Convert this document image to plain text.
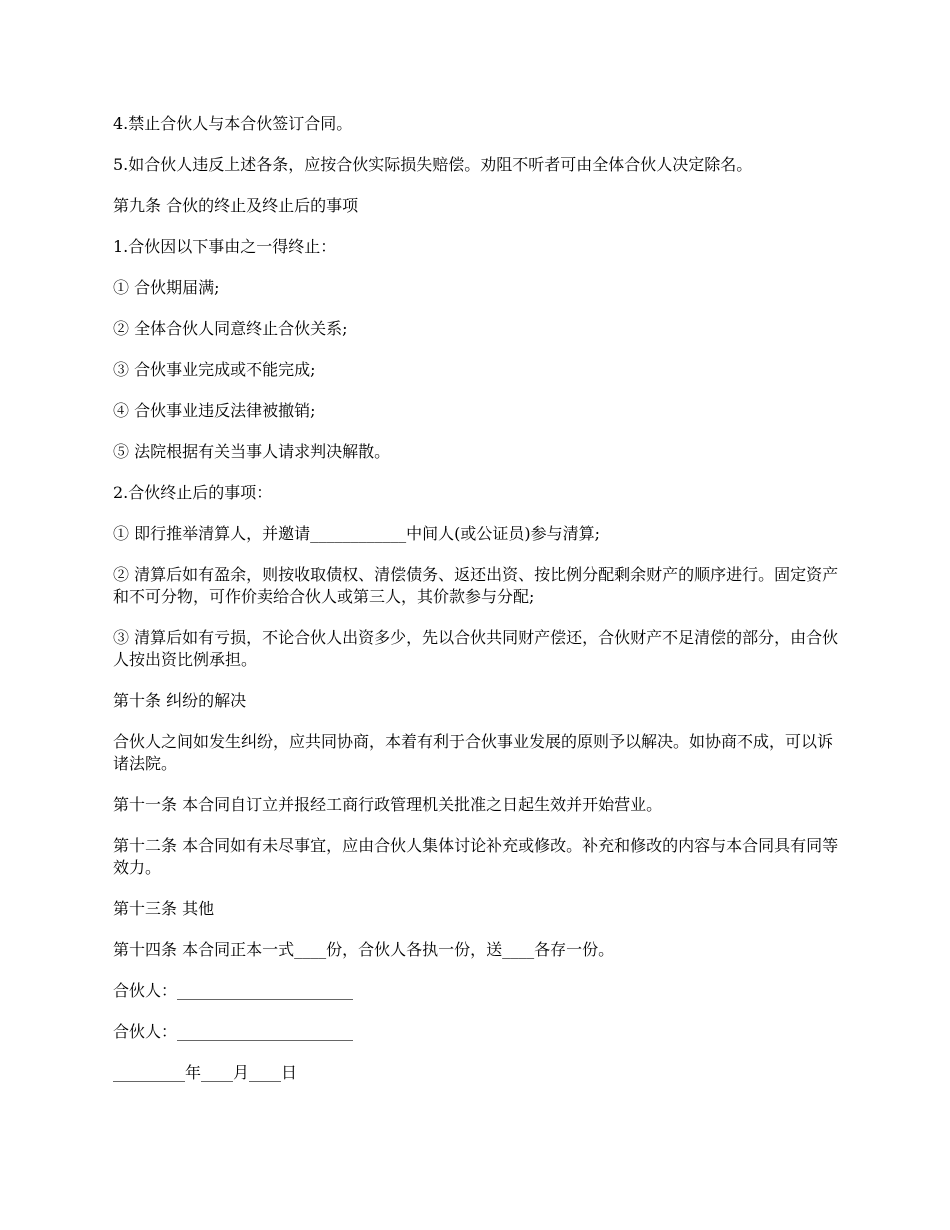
4.禁止合伙人与本合伙签订合同。

5.如合伙人违反上述各条，应按合伙实际损失赔偿。劝阻不听者可由全体合伙人决定除名。

第九条 合伙的终止及终止后的事项

1.合伙因以下事由之一得终止：

① 合伙期届满;

② 全体合伙人同意终止合伙关系;

③ 合伙事业完成或不能完成;

④ 合伙事业违反法律被撤销;

⑤ 法院根据有关当事人请求判决解散。

2.合伙终止后的事项：

① 即行推举清算人，并邀请____________中间人(或公证员)参与清算;

② 清算后如有盈余，则按收取债权、清偿债务、返还出资、按比例分配剩余财产的顺序进行。固定资产和不可分物，可作价卖给合伙人或第三人，其价款参与分配;

③ 清算后如有亏损，不论合伙人出资多少，先以合伙共同财产偿还，合伙财产不足清偿的部分，由合伙人按出资比例承担。

第十条 纠纷的解决

合伙人之间如发生纠纷，应共同协商，本着有利于合伙事业发展的原则予以解决。如协商不成，可以诉诸法院。

第十一条 本合同自订立并报经工商行政管理机关批准之日起生效并开始营业。

第十二条 本合同如有未尽事宜，应由合伙人集体讨论补充或修改。补充和修改的内容与本合同具有同等效力。

第十三条 其他

第十四条 本合同正本一式____份，合伙人各执一份，送____各存一份。

合伙人：______________________

合伙人：______________________

_________年____月____日
